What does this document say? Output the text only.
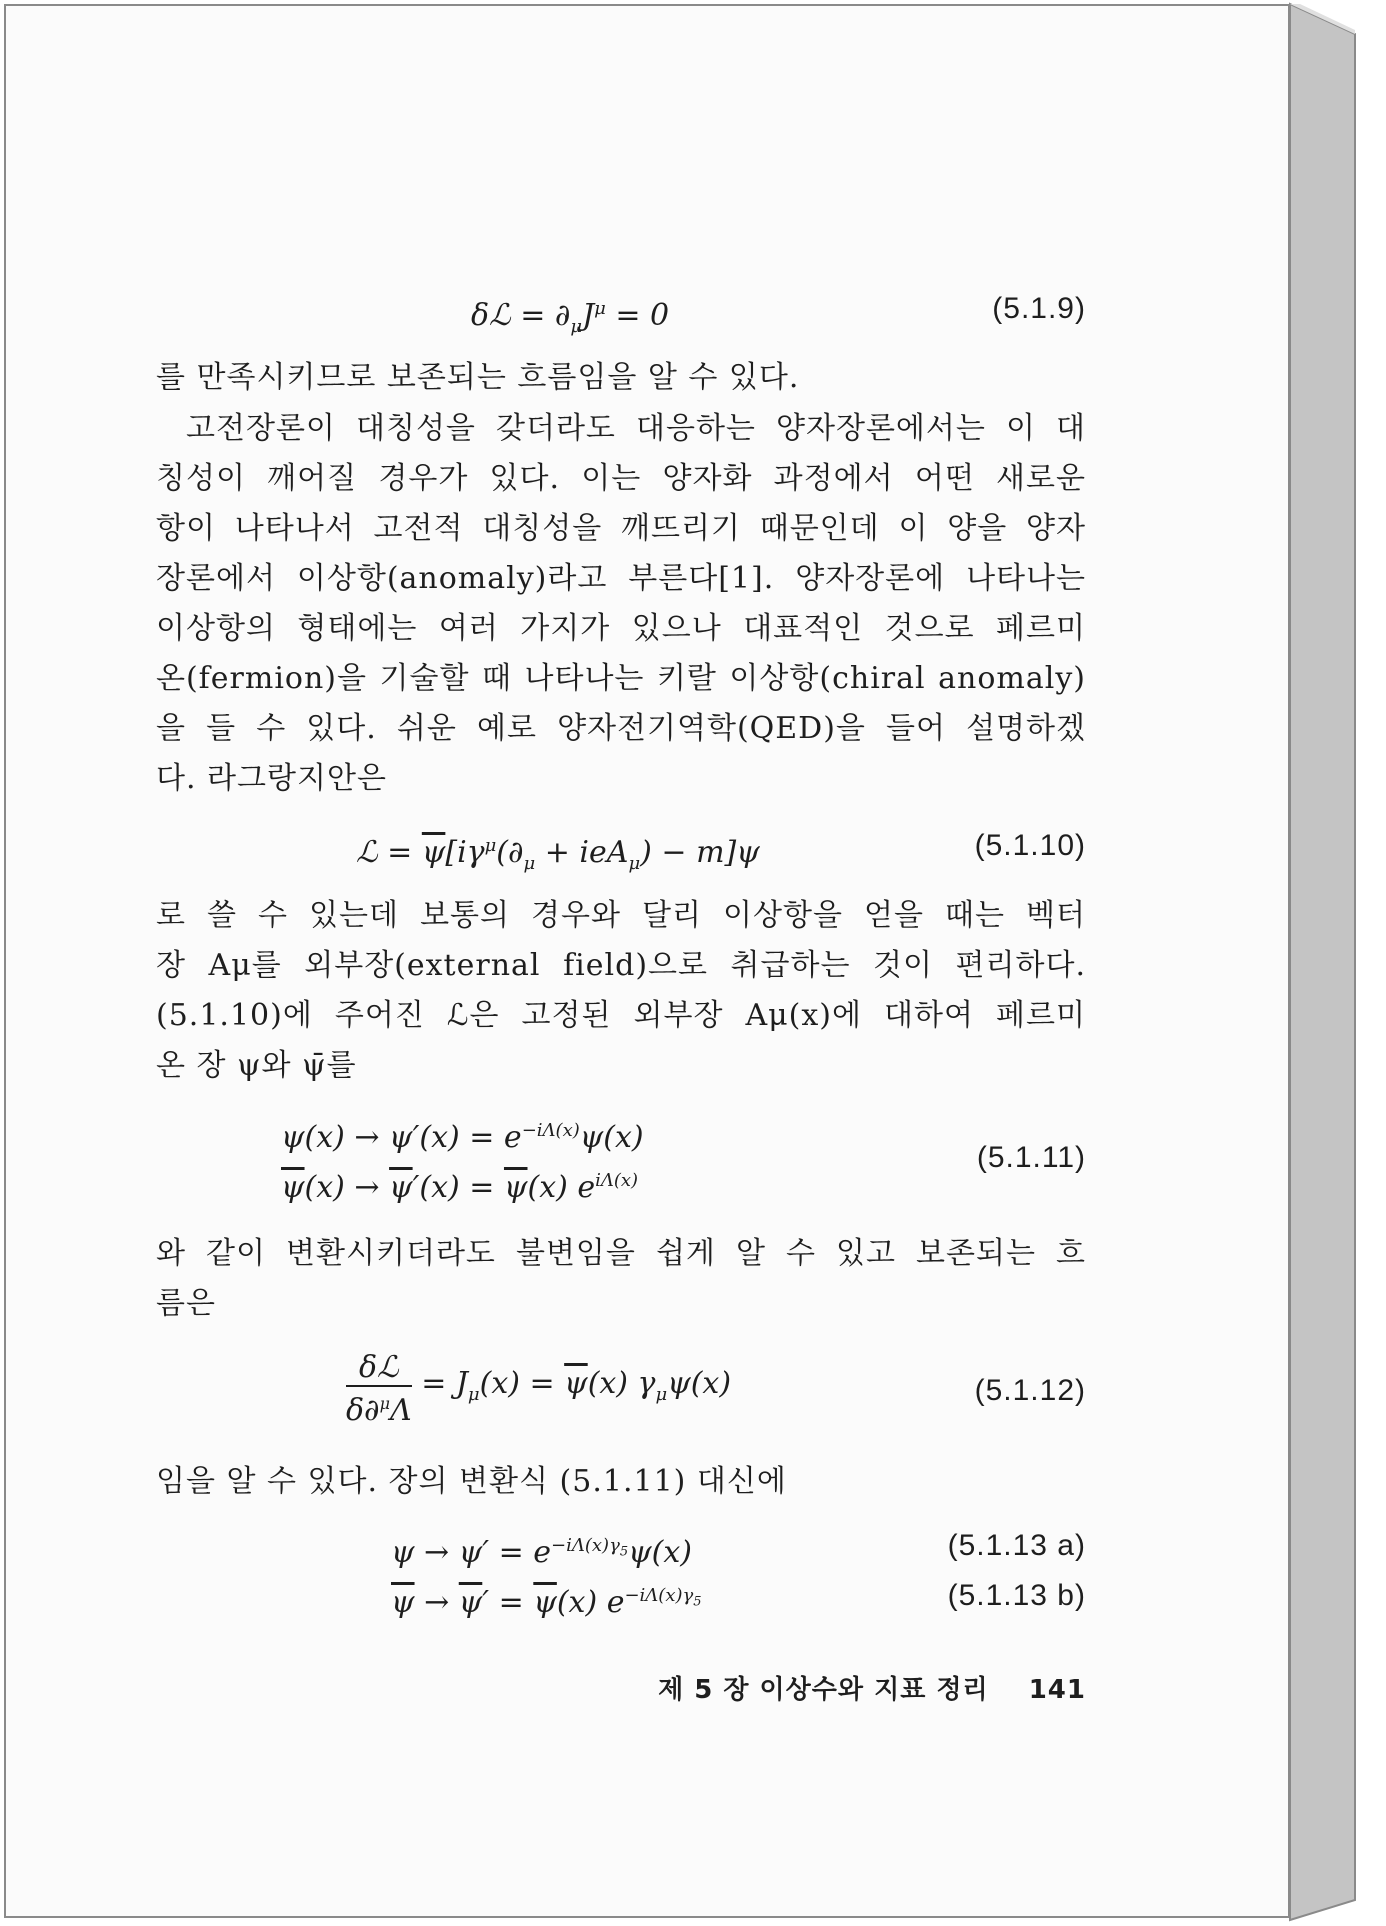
δℒ = $\partial_\mu J^\mu = 0$	(5.1.9)
를 만족시키므로 보존되는 흐름임을 알 수 있다.
고전장론이 대칭성을 갖더라도 대응하는 양자장론에서는 이 대
칭성이 깨어질 경우가 있다. 이는 양자화 과정에서 어떤 새로운
항이 나타나서 고전적 대칭성을 깨뜨리기 때문인데 이 양을 양자
장론에서 이상항(anomaly)라고 부른다[1]. 양자장론에 나타나는
이상항의 형태에는 여러 가지가 있으나 대표적인 것으로 페르미
온(fermion)을 기술할 때 나타나는 키랄 이상항(chiral anomaly)
을 들 수 있다. 쉬운 예로 양자전기역학(QED)을 들어 설명하겠
다. 라그랑지안은
ℒ = $\overline{\psi}[i\gamma^\mu(\partial_\mu + ieA_\mu) - m]\psi$	(5.1.10)
로 쓸 수 있는데 보통의 경우와 달리 이상항을 얻을 때는 벡터
장 Aμ를 외부장(external field)으로 취급하는 것이 편리하다.
(5.1.10)에 주어진 ℒ은 고정된 외부장 Aμ(x)에 대하여 페르미
온 장 ψ와 ψ̄를
$\psi(x) \to \psi'(x) = e^{-i\Lambda(x)}\psi(x)$
$\overline{\psi}(x) \to \overline{\psi}'(x) = \overline{\psi}(x)$ $e^{i\Lambda(x)}$
(5.1.11)
와 같이 변환시키더라도 불변임을 쉽게 알 수 있고 보존되는 흐
름은
$\frac{\text{δℒ}}{\delta\partial^\mu\Lambda} = J_\mu(x) = \overline{\psi}(x)$ $\gamma_\mu\psi(x)$	(5.1.12)
임을 알 수 있다. 장의 변환식 (5.1.11) 대신에
$\psi \to \psi' = e^{-i\Lambda(x)\gamma_5}\psi(x)$	(5.1.13 a)
$\overline{\psi} \to \overline{\psi}' = \overline{\psi}(x)$ $e^{-i\Lambda(x)\gamma_5}$	(5.1.13 b)
제 5 장 이상수와 지표 정리 141
